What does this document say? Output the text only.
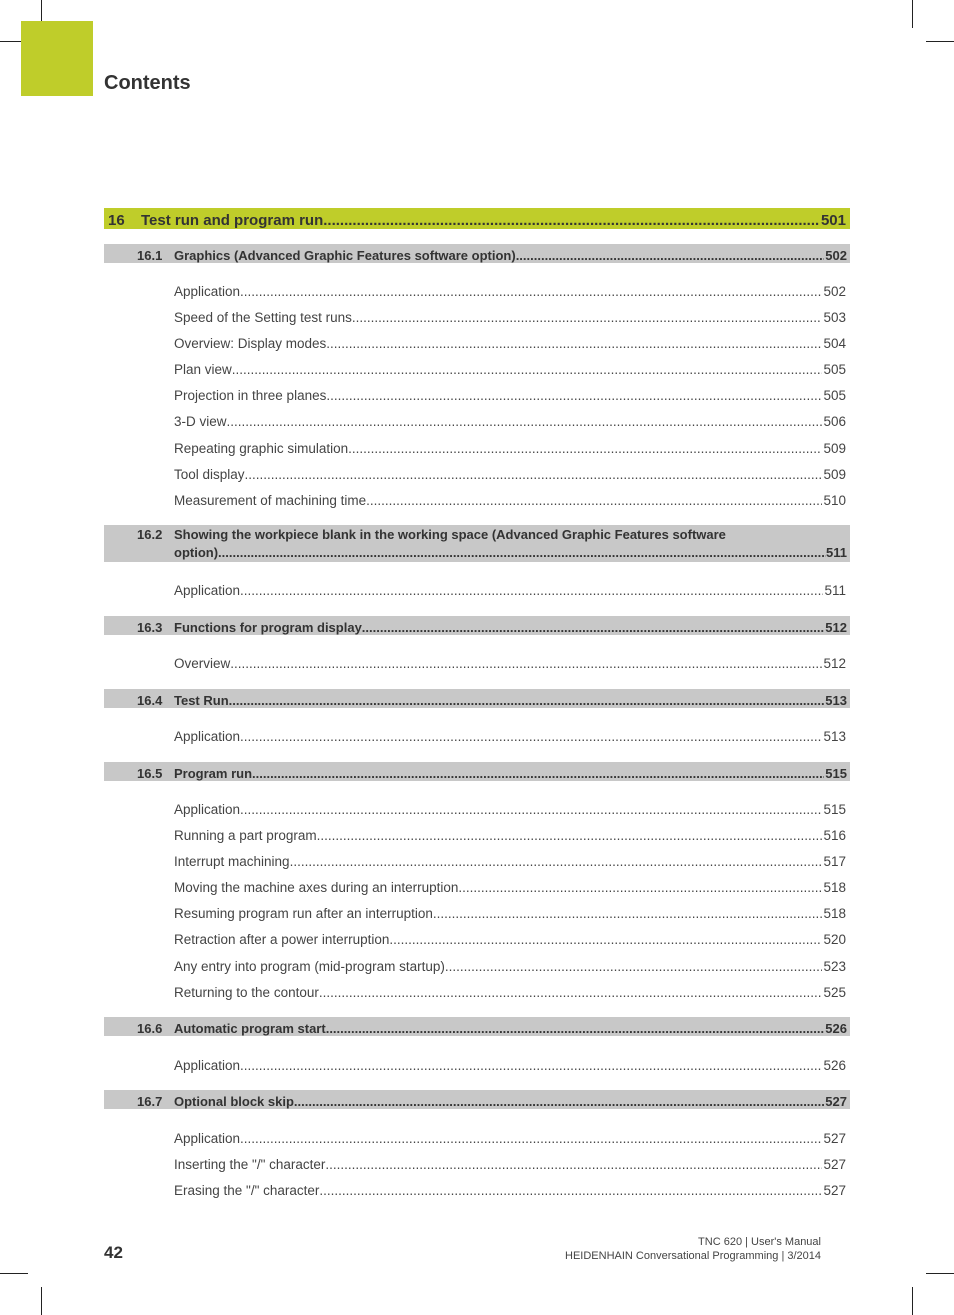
Contents
16	Test run and program run .....	501
16.1 Graphics (Advanced Graphic Features software option) .....	502
Application .....	502
Speed of the Setting test runs .....	503
Overview: Display modes .....	504
Plan view .....	505
Projection in three planes .....	505
3-D view .....	506
Repeating graphic simulation .....	509
Tool display .....	509
Measurement of machining time .....	510
16.2 Showing the workpiece blank in the working space (Advanced Graphic Features software
option) .....	511
Application .....	511
16.3 Functions for program display .....	512
Overview .....	512
16.4 Test Run .....	513
Application .....	513
16.5 Program run .....	515
Application .....	515
Running a part program .....	516
Interrupt machining .....	517
Moving the machine axes during an interruption .....	518
Resuming program run after an interruption .....	518
Retraction after a power interruption .....	520
Any entry into program (mid-program startup) .....	523
Returning to the contour .....	525
16.6 Automatic program start .....	526
Application .....	526
16.7 Optional block skip .....	527
Application .....	527
Inserting the "/" character .....	527
Erasing the "/" character .....	527
42
TNC 620 | User's Manual
HEIDENHAIN Conversational Programming | 3/2014
